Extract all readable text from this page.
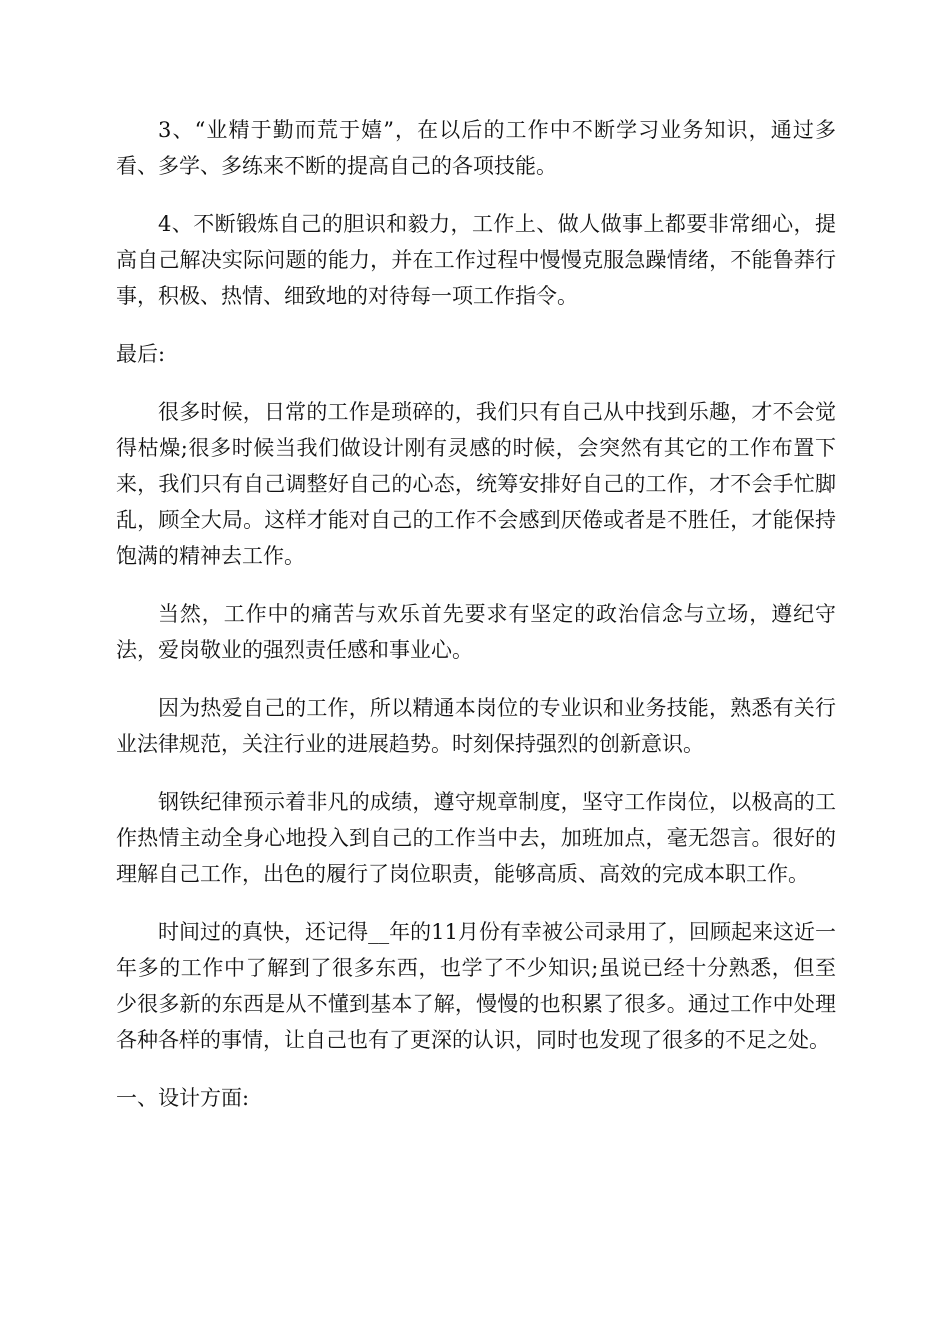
3、“业精于勤而荒于嬉”，在以后的工作中不断学习业务知识，通过多看、多学、多练来不断的提高自己的各项技能。

4、不断锻炼自己的胆识和毅力，工作上、做人做事上都要非常细心，提高自己解决实际问题的能力，并在工作过程中慢慢克服急躁情绪，不能鲁莽行事，积极、热情、细致地的对待每一项工作指令。

最后:

很多时候，日常的工作是琐碎的，我们只有自己从中找到乐趣，才不会觉得枯燥;很多时候当我们做设计刚有灵感的时候，会突然有其它的工作布置下来，我们只有自己调整好自己的心态，统筹安排好自己的工作，才不会手忙脚乱，顾全大局。这样才能对自己的工作不会感到厌倦或者是不胜任，才能保持饱满的精神去工作。

当然，工作中的痛苦与欢乐首先要求有坚定的政治信念与立场，遵纪守法，爱岗敬业的强烈责任感和事业心。

因为热爱自己的工作，所以精通本岗位的专业识和业务技能，熟悉有关行业法律规范，关注行业的进展趋势。时刻保持强烈的创新意识。

钢铁纪律预示着非凡的成绩，遵守规章制度，坚守工作岗位，以极高的工作热情主动全身心地投入到自己的工作当中去，加班加点，毫无怨言。很好的理解自己工作，出色的履行了岗位职责，能够高质、高效的完成本职工作。

时间过的真快，还记得__年的11月份有幸被公司录用了，回顾起来这近一年多的工作中了解到了很多东西，也学了不少知识;虽说已经十分熟悉，但至少很多新的东西是从不懂到基本了解，慢慢的也积累了很多。通过工作中处理各种各样的事情，让自己也有了更深的认识，同时也发现了很多的不足之处。

一、设计方面:
